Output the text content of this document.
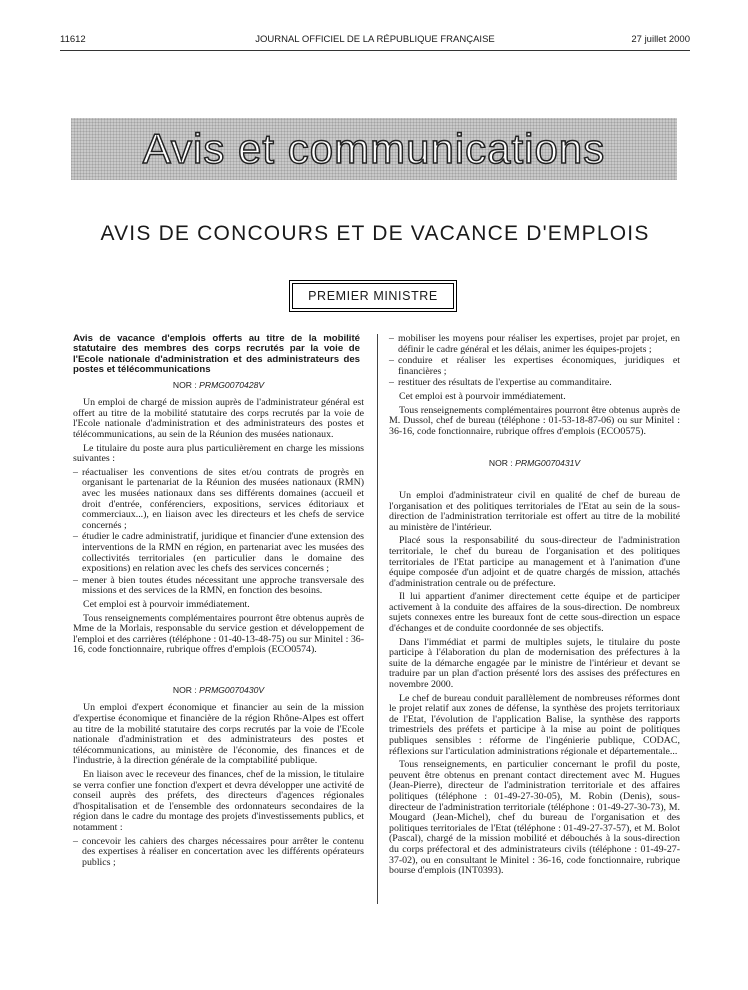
11612	JOURNAL OFFICIEL DE LA RÉPUBLIQUE FRANÇAISE	27 juillet 2000
Avis et communications
AVIS DE CONCOURS ET DE VACANCE D'EMPLOIS
PREMIER MINISTRE

Avis de vacance d'emplois offerts au titre de la mobilité statutaire des membres des corps recrutés par la voie de l'Ecole nationale d'administration et des administrateurs des postes et télécommunications

NOR : PRMG0070428V

Un emploi de chargé de mission auprès de l'administrateur général est offert au titre de la mobilité statutaire des corps recrutés par la voie de l'Ecole nationale d'administration et des administrateurs des postes et télécommunications, au sein de la Réunion des musées nationaux.

Le titulaire du poste aura plus particulièrement en charge les missions suivantes :

– réactualiser les conventions de sites et/ou contrats de progrès en organisant le partenariat de la Réunion des musées nationaux (RMN) avec les musées nationaux dans ses différents domaines (accueil et droit d'entrée, conférenciers, expositions, services éditoriaux et commerciaux...), en liaison avec les directeurs et les chefs de service concernés ;
– étudier le cadre administratif, juridique et financier d'une extension des interventions de la RMN en région, en partenariat avec les musées des collectivités territoriales (en particulier dans le domaine des expositions) en relation avec les chefs des services concernés ;
– mener à bien toutes études nécessitant une approche transversale des missions et des services de la RMN, en fonction des besoins.

Cet emploi est à pourvoir immédiatement.

Tous renseignements complémentaires pourront être obtenus auprès de Mme de la Morlais, responsable du service gestion et développement de l'emploi et des carrières (téléphone : 01-40-13-48-75) ou sur Minitel : 36-16, code fonctionnaire, rubrique offres d'emplois (ECO0574).

NOR : PRMG0070430V

Un emploi d'expert économique et financier au sein de la mission d'expertise économique et financière de la région Rhône-Alpes est offert au titre de la mobilité statutaire des corps recrutés par la voie de l'Ecole nationale d'administration et des administrateurs des postes et télécommunications, au ministère de l'économie, des finances et de l'industrie, à la direction générale de la comptabilité publique.

En liaison avec le receveur des finances, chef de la mission, le titulaire se verra confier une fonction d'expert et devra développer une activité de conseil auprès des préfets, des directeurs d'agences régionales d'hospitalisation et de l'ensemble des ordonnateurs secondaires de la région dans le cadre du montage des projets d'investissements publics, et notamment :

– concevoir les cahiers des charges nécessaires pour arrêter le contenu des expertises à réaliser en concertation avec les différents opérateurs publics ;
– mobiliser les moyens pour réaliser les expertises, projet par projet, en définir le cadre général et les délais, animer les équipes-projets ;
– conduire et réaliser les expertises économiques, juridiques et financières ;
– restituer des résultats de l'expertise au commanditaire.

Cet emploi est à pourvoir immédiatement.

Tous renseignements complémentaires pourront être obtenus auprès de M. Dussol, chef de bureau (téléphone : 01-53-18-87-06) ou sur Minitel : 36-16, code fonctionnaire, rubrique offres d'emplois (ECO0575).

NOR : PRMG0070431V

Un emploi d'administrateur civil en qualité de chef de bureau de l'organisation et des politiques territoriales de l'Etat au sein de la sous-direction de l'administration territoriale est offert au titre de la mobilité au ministère de l'intérieur.

Placé sous la responsabilité du sous-directeur de l'administration territoriale, le chef du bureau de l'organisation et des politiques territoriales de l'Etat participe au management et à l'animation d'une équipe composée d'un adjoint et de quatre chargés de mission, attachés d'administration centrale ou de préfecture.

Il lui appartient d'animer directement cette équipe et de participer activement à la conduite des affaires de la sous-direction. De nombreux sujets connexes entre les bureaux font de cette sous-direction un espace d'échanges et de conduite coordonnée de ses objectifs.

Dans l'immédiat et parmi de multiples sujets, le titulaire du poste participe à l'élaboration du plan de modernisation des préfectures à la suite de la démarche engagée par le ministre de l'intérieur et devant se traduire par un plan d'action présenté lors des assises des préfectures en novembre 2000.

Le chef de bureau conduit parallèlement de nombreuses réformes dont le projet relatif aux zones de défense, la synthèse des projets territoriaux de l'Etat, l'évolution de l'application Balise, la synthèse des rapports trimestriels des préfets et participe à la mise au point de politiques publiques sensibles : réforme de l'ingénierie publique, CODAC, réflexions sur l'articulation administrations régionale et départementale...

Tous renseignements, en particulier concernant le profil du poste, peuvent être obtenus en prenant contact directement avec M. Hugues (Jean-Pierre), directeur de l'administration territoriale et des affaires politiques (téléphone : 01-49-27-30-05), M. Robin (Denis), sous-directeur de l'administration territoriale (téléphone : 01-49-27-30-73), M. Mougard (Jean-Michel), chef du bureau de l'organisation et des politiques territoriales de l'Etat (téléphone : 01-49-27-37-57), et M. Bolot (Pascal), chargé de la mission mobilité et débouchés à la sous-direction du corps préfectoral et des administrateurs civils (téléphone : 01-49-27-37-02), ou en consultant le Minitel : 36-16, code fonctionnaire, rubrique bourse d'emplois (INT0393).
